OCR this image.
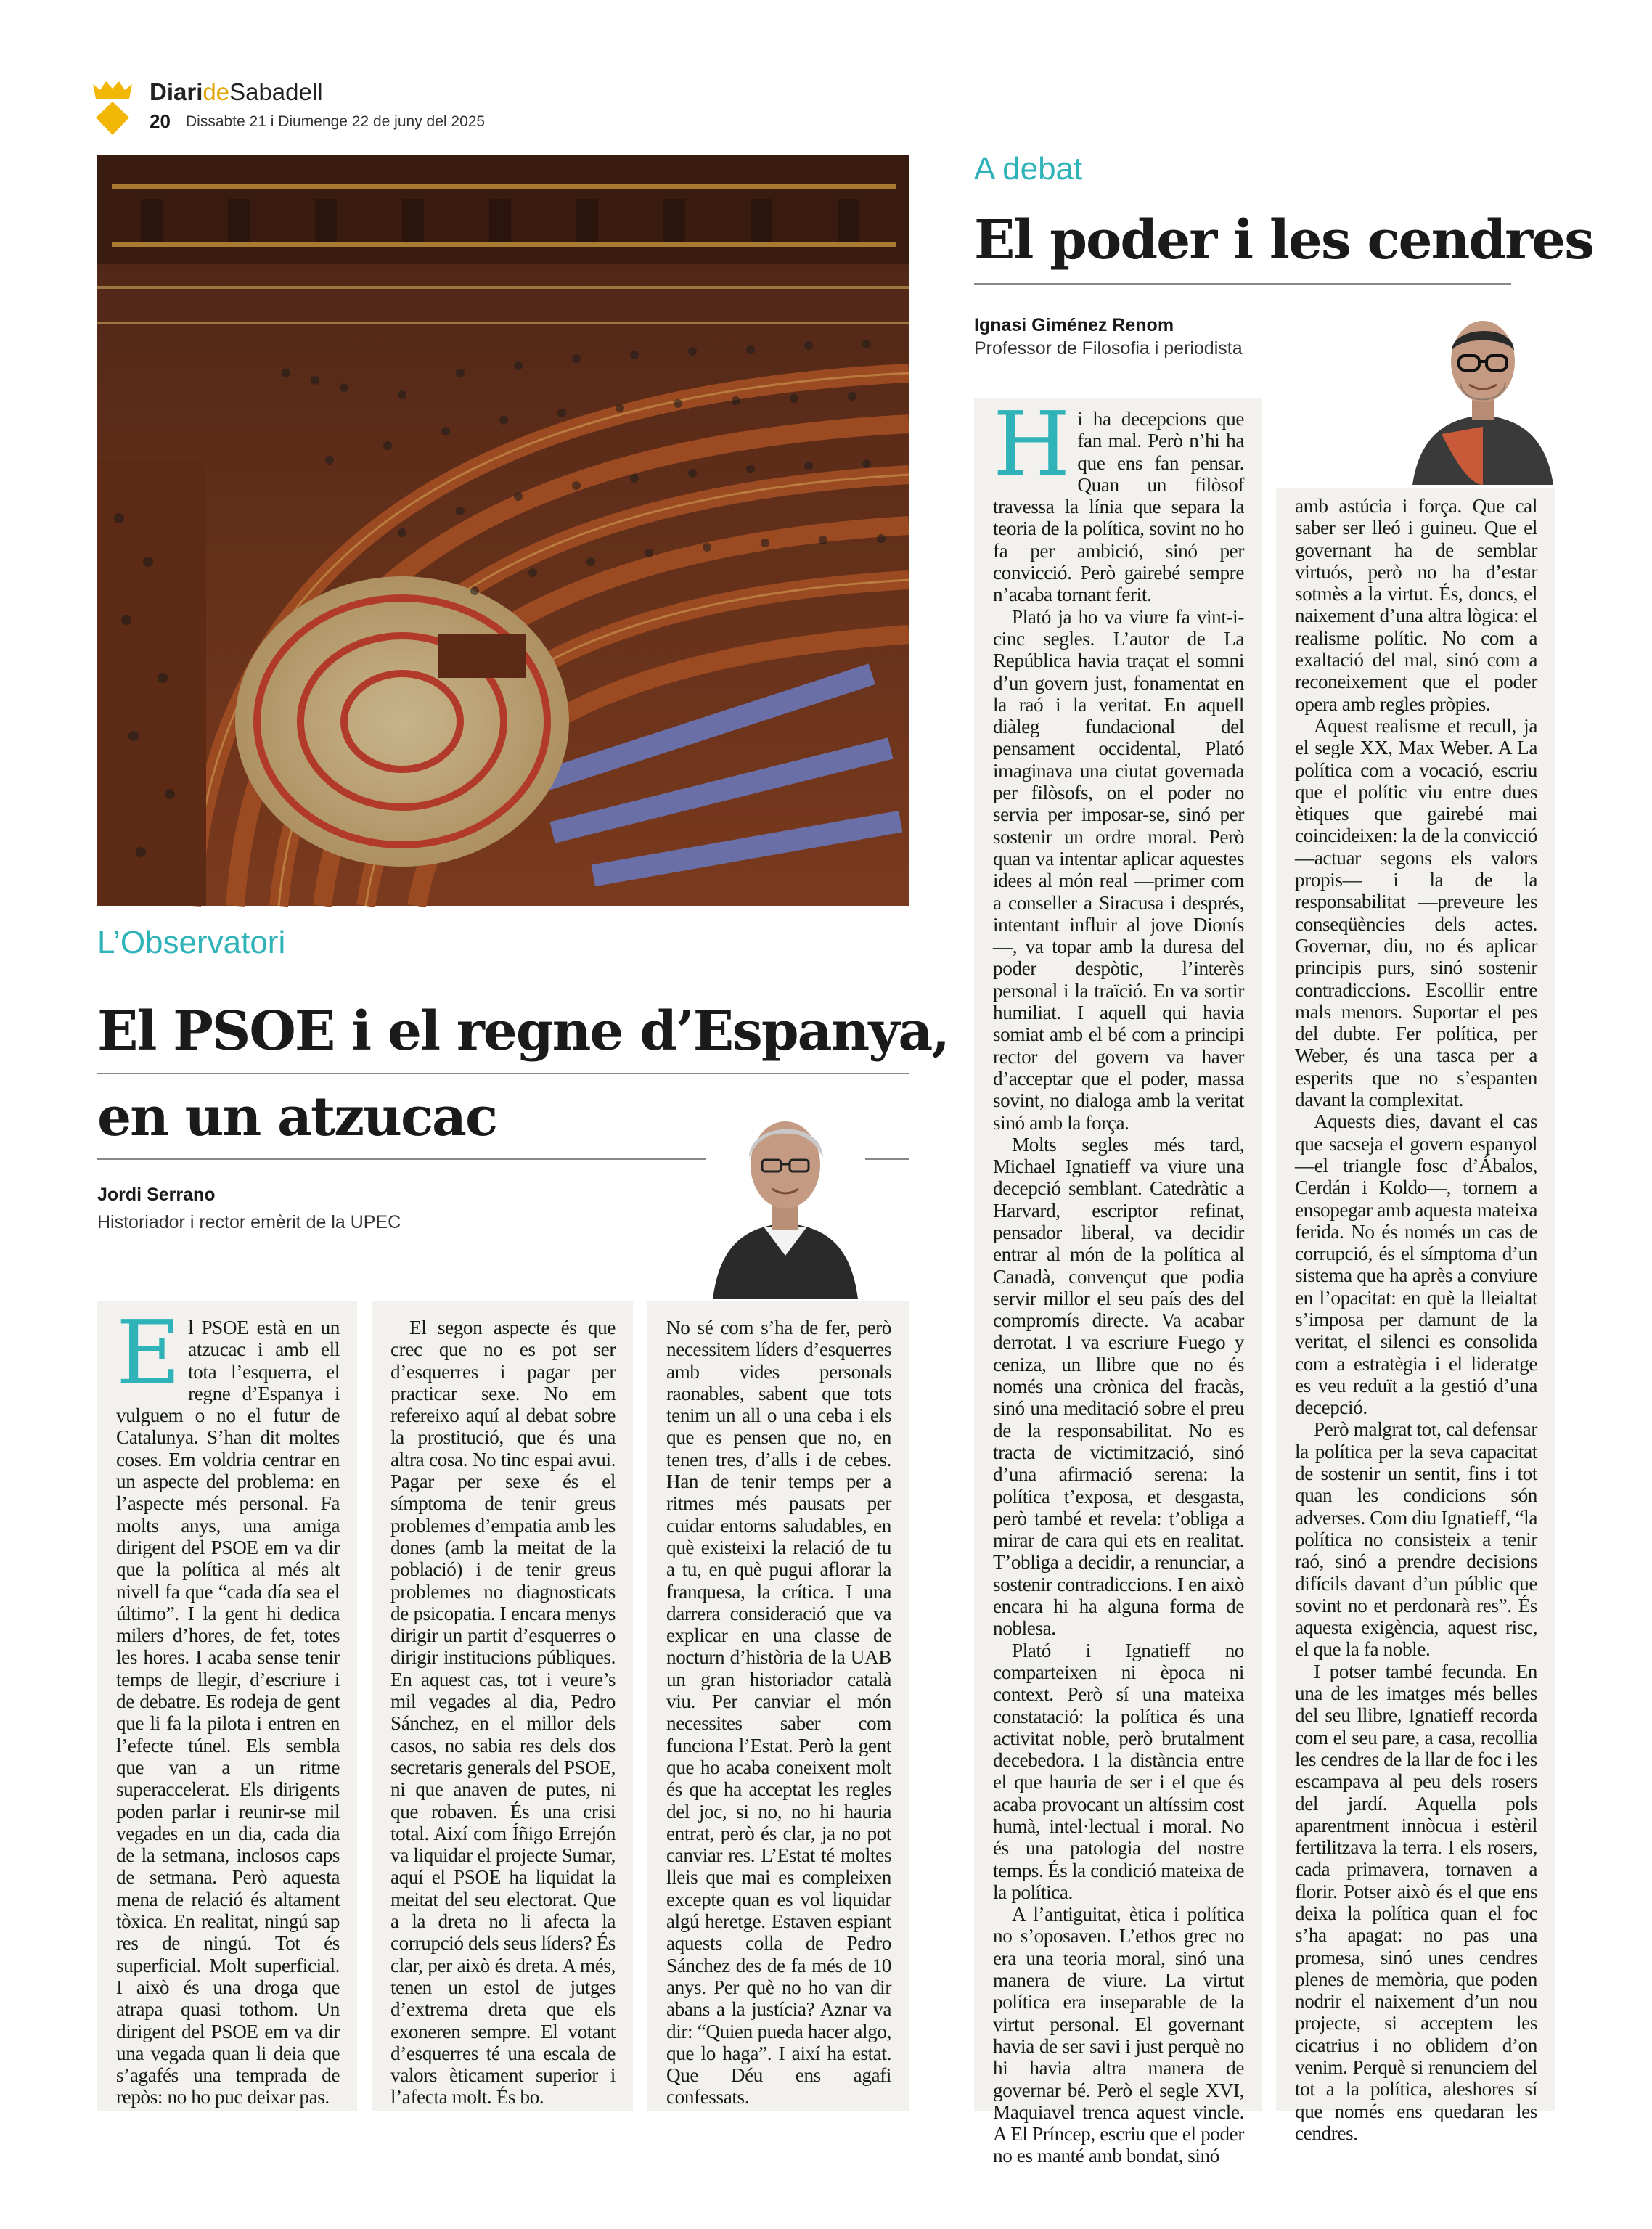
DiarideSabadell
20 Dissabte 21 i Diumenge 22 de juny del 2025
L’Observatori
El PSOE i el regne d’Espanya,
en un atzucac
Jordi Serrano
Historiador i rector emèrit de la UPEC
E l PSOE està en un atzucac i amb ell tota l’esquerra, el regne d’Espanya i vulguem o no el futur de Catalunya. S’han dit moltes coses. Em voldria centrar en un aspecte del problema: en l’aspecte més personal. Fa molts anys, una amiga dirigent del PSOE em va dir que la política al més alt nivell fa que “cada día sea el último”. I la gent hi dedica milers d’hores, de fet, totes les hores. I acaba sense tenir temps de llegir, d’escriure i de debatre. Es rodeja de gent que li fa la pilota i entren en l’efecte túnel. Els sembla que van a un ritme superaccelerat. Els dirigents poden parlar i reunir-se mil vegades en un dia, cada dia de la setmana, inclosos caps de setmana. Però aquesta mena de relació és altament tòxica. En realitat, ningú sap res de ningú. Tot és superficial. Molt superficial. I això és una droga que atrapa quasi tothom. Un dirigent del PSOE em va dir una vegada quan li deia que s’agafés una temprada de repòs: no ho puc deixar pas.

El segon aspecte és que crec que no es pot ser d’esquerres i pagar per practicar sexe. No em refereixo aquí al debat sobre la prostitució, que és una altra cosa. No tinc espai avui. Pagar per sexe és el símptoma de tenir greus problemes d’empatia amb les dones (amb la meitat de la població) i de tenir greus problemes no diagnosticats de psicopatia. I encara menys dirigir un partit d’esquerres o dirigir institucions públiques. En aquest cas, tot i veure’s mil vegades al dia, Pedro Sánchez, en el millor dels casos, no sabia res dels dos secretaris generals del PSOE, ni que anaven de putes, ni que robaven. És una crisi total. Així com Íñigo Errejón va liquidar el projecte Sumar, aquí el PSOE ha liquidat la meitat del seu electorat. Que a la dreta no li afecta la corrupció dels seus líders? És clar, per això és dreta. A més, tenen un estol de jutges d’extrema dreta que els exoneren sempre. El votant d’esquerres té una escala de valors èticament superior i l’afecta molt. És bo.

No sé com s’ha de fer, però necessitem líders d’esquerres amb vides personals raonables, sabent que tots tenim un all o una ceba i els que es pensen que no, en tenen tres, d’alls i de cebes. Han de tenir temps per a ritmes més pausats per cuidar entorns saludables, en què existeixi la relació de tu a tu, en què pugui aflorar la franquesa, la crítica. I una darrera consideració que va explicar en una classe de nocturn d’història de la UAB un gran historiador català viu. Per canviar el món necessites saber com funciona l’Estat. Però la gent que ho acaba coneixent molt és que ha acceptat les regles del joc, si no, no hi hauria entrat, però és clar, ja no pot canviar res. L’Estat té moltes lleis que mai es compleixen excepte quan es vol liquidar algú heretge. Estaven espiant aquests colla de Pedro Sánchez des de fa més de 10 anys. Per què no ho van dir abans a la justícia? Aznar va dir: “Quien pueda hacer algo, que lo haga”. I així ha estat. Que Déu ens agafi confessats.

A debat
El poder i les cendres
Ignasi Giménez Renom
Professor de Filosofia i periodista
H i ha decepcions que fan mal. Però n’hi ha que ens fan pensar. Quan un filòsof travessa la línia que separa la teoria de la política, sovint no ho fa per ambició, sinó per convicció. Però gairebé sempre n’acaba tornant ferit.

Plató ja ho va viure fa vint-i-cinc segles. L’autor de La República havia traçat el somni d’un govern just, fonamentat en la raó i la veritat. En aquell diàleg fundacional del pensament occidental, Plató imaginava una ciutat governada per filòsofs, on el poder no servia per imposar-se, sinó per sostenir un ordre moral. Però quan va intentar aplicar aquestes idees al món real —primer com a conseller a Siracusa i després, intentant influir al jove Dionís—, va topar amb la duresa del poder despòtic, l’interès personal i la traïció. En va sortir humiliat. I aquell qui havia somiat amb el bé com a principi rector del govern va haver d’acceptar que el poder, massa sovint, no dialoga amb la veritat sinó amb la força.

Molts segles més tard, Michael Ignatieff va viure una decepció semblant. Catedràtic a Harvard, escriptor refinat, pensador liberal, va decidir entrar al món de la política al Canadà, convençut que podia servir millor el seu país des del compromís directe. Va acabar derrotat. I va escriure Fuego y ceniza, un llibre que no és només una crònica del fracàs, sinó una meditació sobre el preu de la responsabilitat. No es tracta de victimització, sinó d’una afirmació serena: la política t’exposa, et desgasta, però també et revela: t’obliga a mirar de cara qui ets en realitat. T’obliga a decidir, a renunciar, a sostenir contradiccions. I en això encara hi ha alguna forma de noblesa.

Plató i Ignatieff no comparteixen ni època ni context. Però sí una mateixa constatació: la política és una activitat noble, però brutalment decebedora. I la distància entre el que hauria de ser i el que és acaba provocant un altíssim cost humà, intel·lectual i moral. No és una patologia del nostre temps. És la condició mateixa de la política.

A l’antiguitat, ètica i política no s’oposaven. L’ethos grec no era una teoria moral, sinó una manera de viure. La virtut política era inseparable de la virtut personal. El governant havia de ser savi i just perquè no hi havia altra manera de governar bé. Però el segle XVI, Maquiavel trenca aquest vincle. A El Príncep, escriu que el poder no es manté amb bondat, sinó

amb astúcia i força. Que cal saber ser lleó i guineu. Que el governant ha de semblar virtuós, però no ha d’estar sotmès a la virtut. És, doncs, el naixement d’una altra lògica: el realisme polític. No com a exaltació del mal, sinó com a reconeixement que el poder opera amb regles pròpies.

Aquest realisme et recull, ja el segle XX, Max Weber. A La política com a vocació, escriu que el polític viu entre dues ètiques que gairebé mai coincideixen: la de la convicció —actuar segons els valors propis— i la de la responsabilitat —preveure les conseqüències dels actes. Governar, diu, no és aplicar principis purs, sinó sostenir contradiccions. Escollir entre mals menors. Suportar el pes del dubte. Fer política, per Weber, és una tasca per a esperits que no s’espanten davant la complexitat.

Aquests dies, davant el cas que sacseja el govern espanyol —el triangle fosc d’Ábalos, Cerdán i Koldo—, tornem a ensopegar amb aquesta mateixa ferida. No és només un cas de corrupció, és el símptoma d’un sistema que ha après a conviure en l’opacitat: en què la lleialtat s’imposa per damunt de la veritat, el silenci es consolida com a estratègia i el lideratge es veu reduït a la gestió d’una decepció.

Però malgrat tot, cal defensar la política per la seva capacitat de sostenir un sentit, fins i tot quan les condicions són adverses. Com diu Ignatieff, “la política no consisteix a tenir raó, sinó a prendre decisions difícils davant d’un públic que sovint no et perdonarà res”. És aquesta exigència, aquest risc, el que la fa noble.

I potser també fecunda. En una de les imatges més belles del seu llibre, Ignatieff recorda com el seu pare, a casa, recollia les cendres de la llar de foc i les escampava al peu dels rosers del jardí. Aquella pols aparentment innòcua i estèril fertilitzava la terra. I els rosers, cada primavera, tornaven a florir. Potser això és el que ens deixa la política quan el foc s’ha apagat: no pas una promesa, sinó unes cendres plenes de memòria, que poden nodrir el naixement d’un nou projecte, si acceptem les cicatrius i no oblidem d’on venim. Perquè si renunciem del tot a la política, aleshores sí que només ens quedaran les cendres.
